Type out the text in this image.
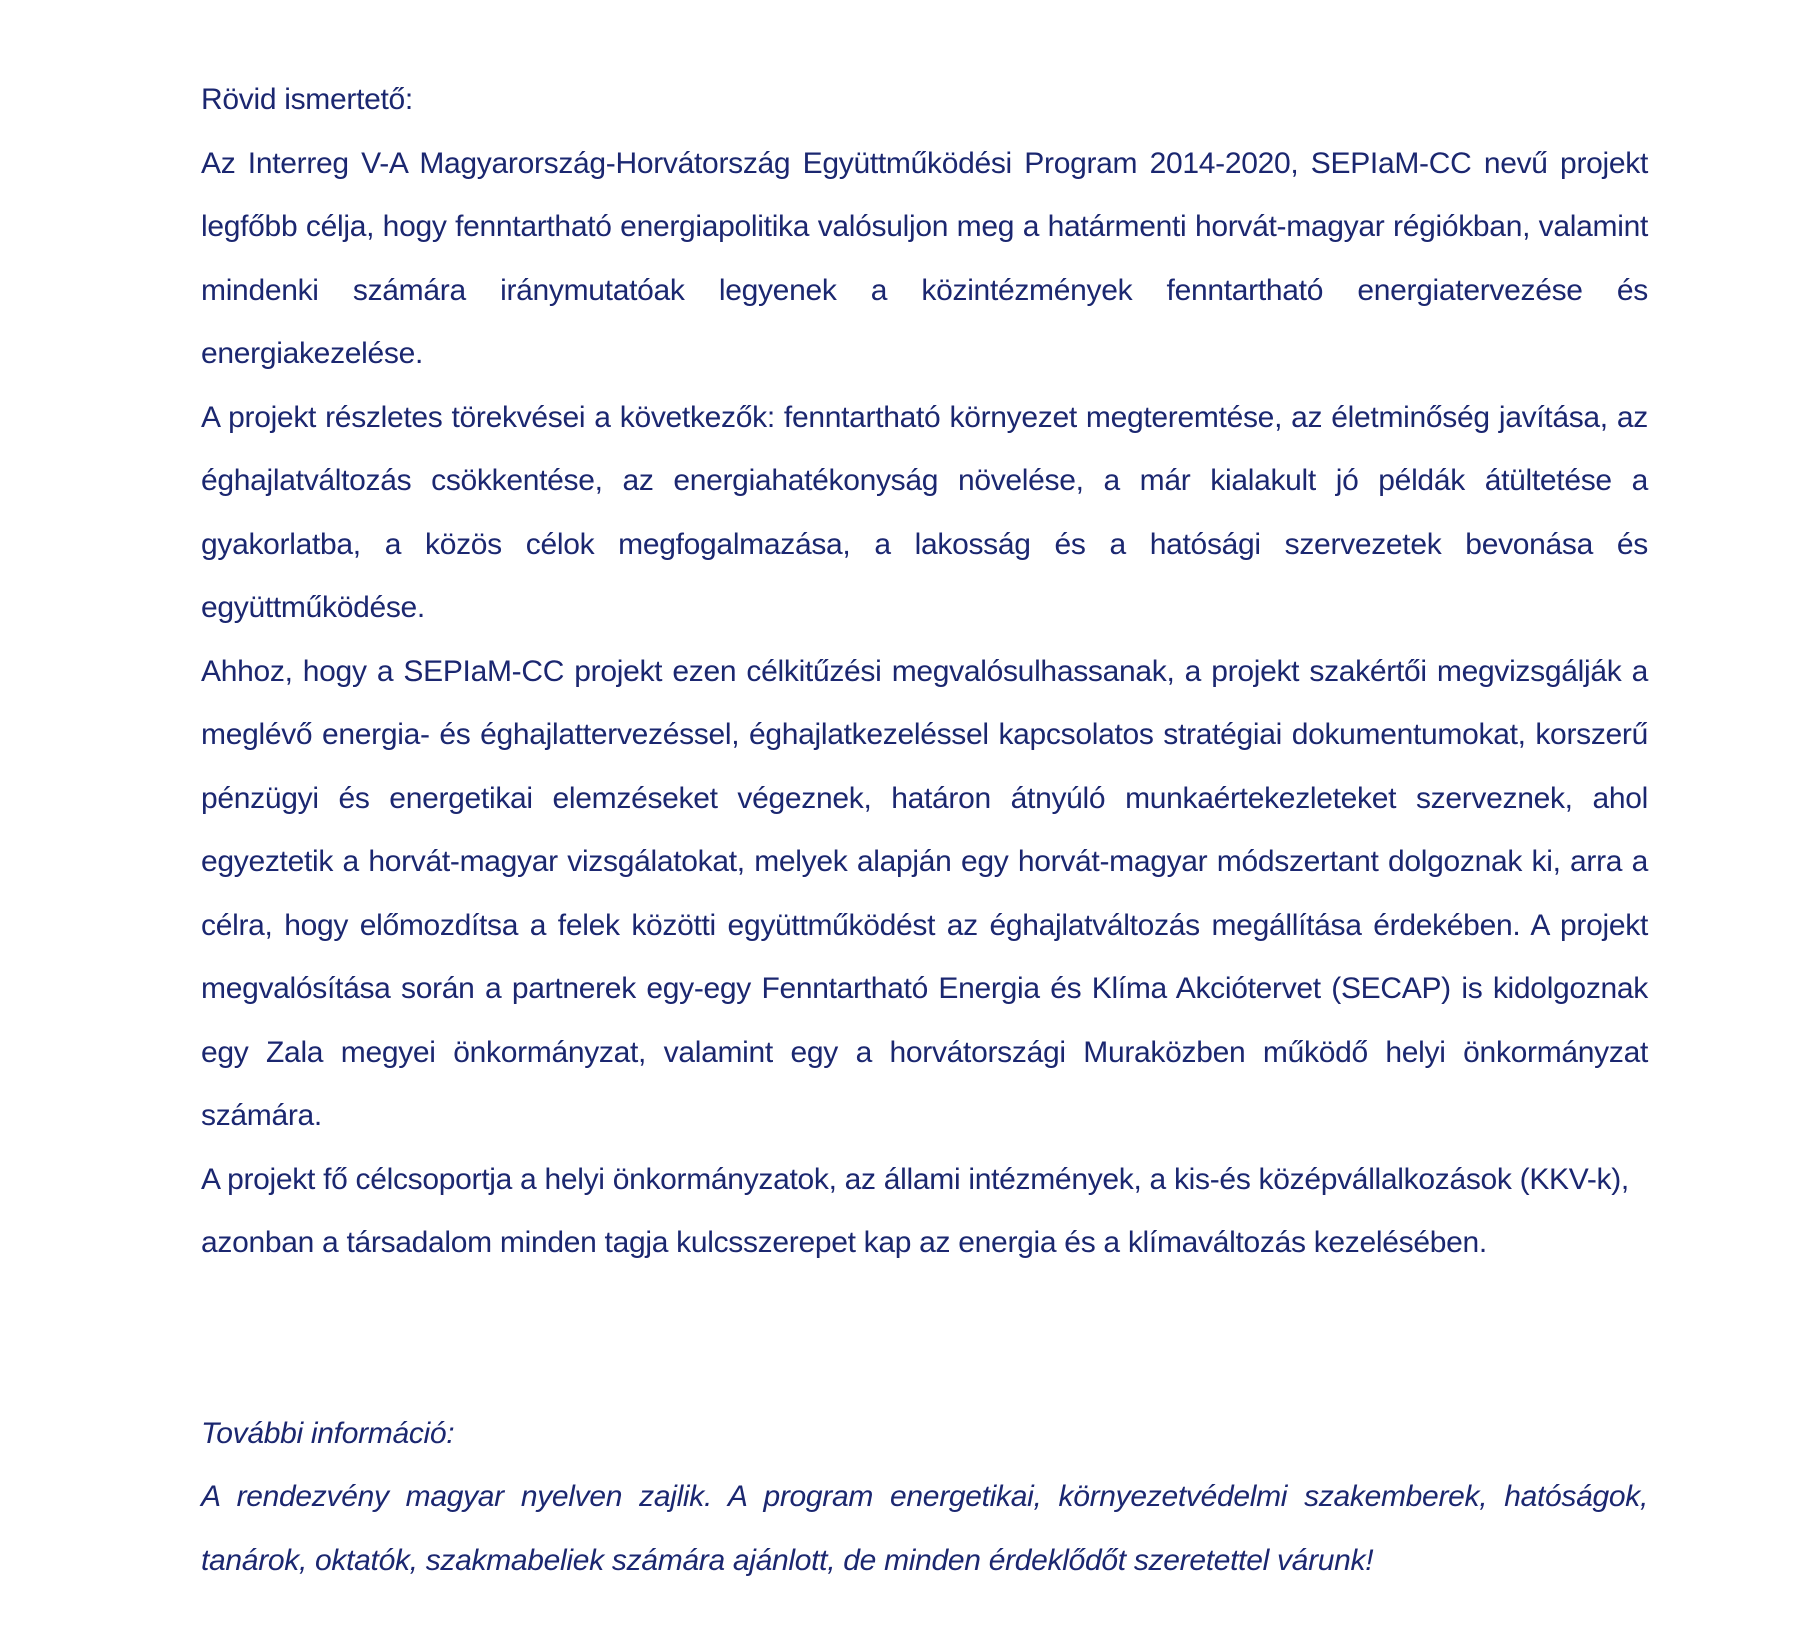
Rövid ismertető:

Az Interreg V-A Magyarország-Horvátország Együttműködési Program 2014-2020, SEPIaM-CC nevű projekt legfőbb célja, hogy fenntartható energiapolitika valósuljon meg a határmenti horvát-magyar régiókban, valamint mindenki számára iránymutatóak legyenek a közintézmények fenntartható energiatervezése és energiakezelése.

A projekt részletes törekvései a következők: fenntartható környezet megteremtése, az életminőség javítása, az éghajlatváltozás csökkentése, az energiahatékonyság növelése, a már kialakult jó példák átültetése a gyakorlatba, a közös célok megfogalmazása, a lakosság és a hatósági szervezetek bevonása és együttműködése.

Ahhoz, hogy a SEPIaM-CC projekt ezen célkitűzési megvalósulhassanak, a projekt szakértői megvizsgálják a meglévő energia- és éghajlattervezéssel, éghajlatkezeléssel kapcsolatos stratégiai dokumentumokat, korszerű pénzügyi és energetikai elemzéseket végeznek, határon átnyúló munkaértekezleteket szerveznek, ahol egyeztetik a horvát-magyar vizsgálatokat, melyek alapján egy horvát-magyar módszertant dolgoznak ki, arra a célra, hogy előmozdítsa a felek közötti együttműködést az éghajlatváltozás megállítása érdekében. A projekt megvalósítása során a partnerek egy-egy Fenntartható Energia és Klíma Akciótervet (SECAP) is kidolgoznak egy Zala megyei önkormányzat, valamint egy a horvátországi Muraközben működő helyi önkormányzat számára.

A projekt fő célcsoportja a helyi önkormányzatok, az állami intézmények, a kis-és középvállalkozások (KKV-k), azonban a társadalom minden tagja kulcsszerepet kap az energia és a klímaváltozás kezelésében.

További információ:

A rendezvény magyar nyelven zajlik. A program energetikai, környezetvédelmi szakemberek, hatóságok, tanárok, oktatók, szakmabeliek számára ajánlott, de minden érdeklődőt szeretettel várunk!
